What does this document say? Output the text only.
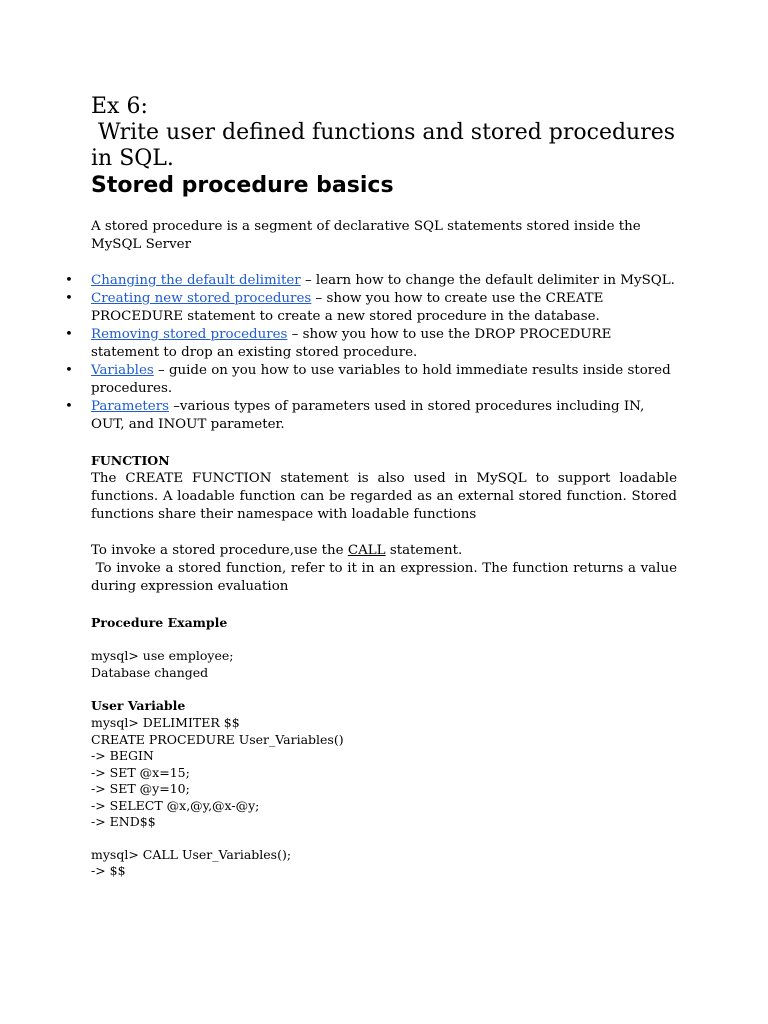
Ex 6:
Write user defined functions and stored procedures in SQL.
Stored procedure basics

A stored procedure is a segment of declarative SQL statements stored inside the MySQL Server

• Changing the default delimiter – learn how to change the default delimiter in MySQL.
• Creating new stored procedures – show you how to create use the CREATE PROCEDURE statement to create a new stored procedure in the database.
• Removing stored procedures – show you how to use the DROP PROCEDURE statement to drop an existing stored procedure.
• Variables – guide on you how to use variables to hold immediate results inside stored procedures.
• Parameters –various types of parameters used in stored procedures including IN, OUT, and INOUT parameter.

FUNCTION

The CREATE FUNCTION statement is also used in MySQL to support loadable functions. A loadable function can be regarded as an external stored function. Stored functions share their namespace with loadable functions

To invoke a stored procedure,use the CALL statement.

To invoke a stored function, refer to it in an expression. The function returns a value during expression evaluation

Procedure Example

mysql> use employee;

Database changed

User Variable

mysql> DELIMITER $$

CREATE PROCEDURE User_Variables()

-> BEGIN

-> SET @x=15;

-> SET @y=10;

-> SELECT @x,@y,@x-@y;

-> END$$

mysql> CALL User_Variables();

-> $$
